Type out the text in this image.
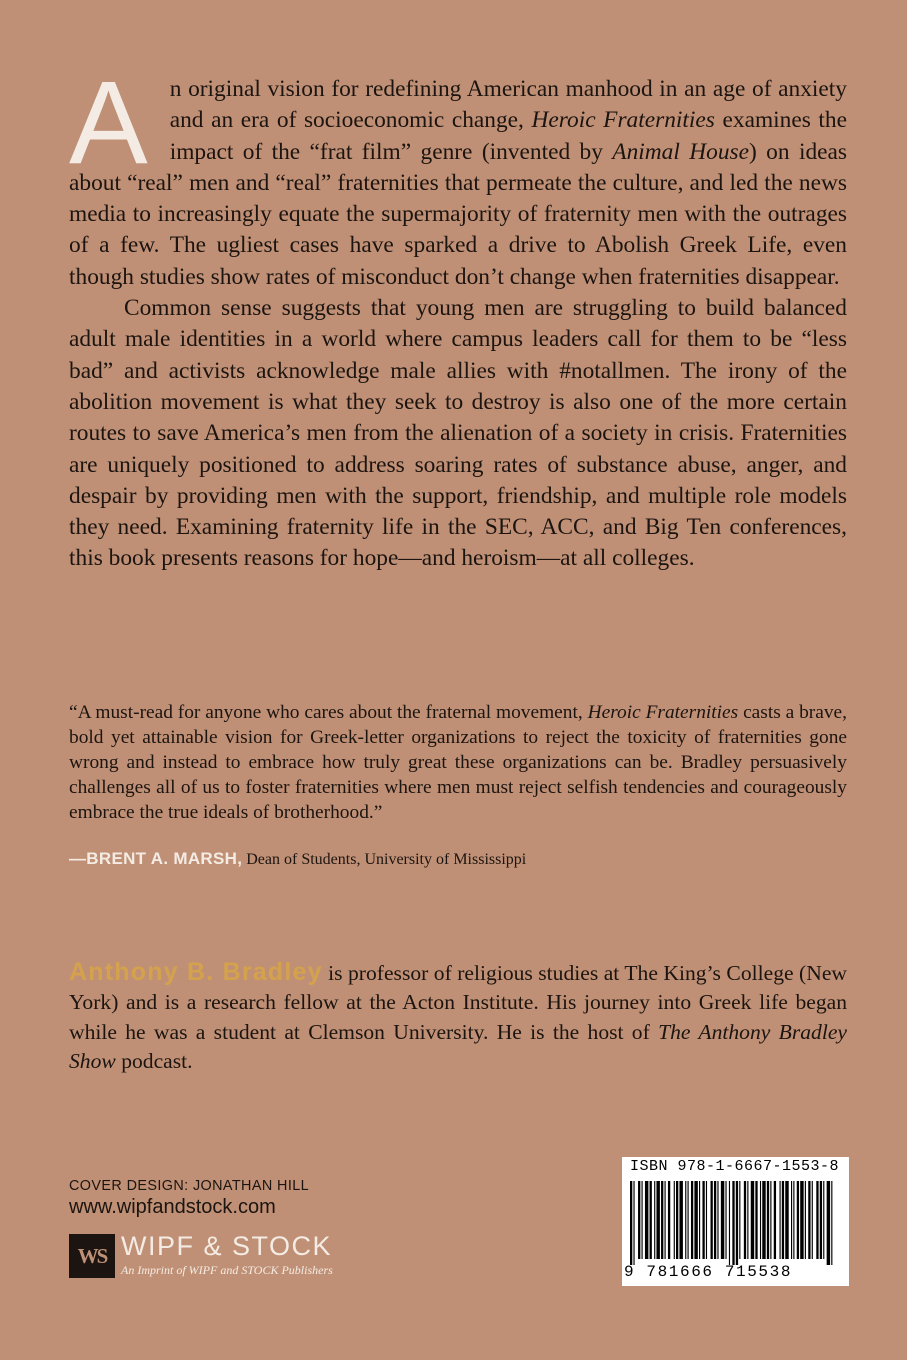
An original vision for redefining American manhood in an age of anxiety and an era of socioeconomic change, Heroic Fraternities examines the impact of the “frat film” genre (invented by Animal House) on ideas about “real” men and “real” fraternities that permeate the culture, and led the news media to increasingly equate the supermajority of fraternity men with the outrages of a few. The ugliest cases have sparked a drive to Abolish Greek Life, even though studies show rates of misconduct don’t change when fraternities disappear.

Common sense suggests that young men are struggling to build balanced adult male identities in a world where campus leaders call for them to be “less bad” and activists acknowledge male allies with #notallmen. The irony of the abolition movement is what they seek to destroy is also one of the more certain routes to save America’s men from the alienation of a society in crisis. Fraternities are uniquely positioned to address soaring rates of substance abuse, anger, and despair by providing men with the support, friendship, and multiple role models they need. Examining fraternity life in the SEC, ACC, and Big Ten conferences, this book presents reasons for hope—and heroism—at all colleges.

“A must-read for anyone who cares about the fraternal movement, Heroic Fraternities casts a brave, bold yet attainable vision for Greek-letter organizations to reject the toxicity of fraternities gone wrong and instead to embrace how truly great these organizations can be. Bradley persuasively challenges all of us to foster fraternities where men must reject selfish tendencies and courageously embrace the true ideals of brotherhood.”

—BRENT A. MARSH, Dean of Students, University of Mississippi

Anthony B. Bradley is professor of religious studies at The King’s College (New York) and is a research fellow at the Acton Institute. His journey into Greek life began while he was a student at Clemson University. He is the host of The Anthony Bradley Show podcast.

COVER DESIGN: JONATHAN HILL
www.wipfandstock.com
WS WIPF & STOCK
An Imprint of WIPF and STOCK Publishers
ISBN 978-1-6667-1553-8
9 781666 715538
